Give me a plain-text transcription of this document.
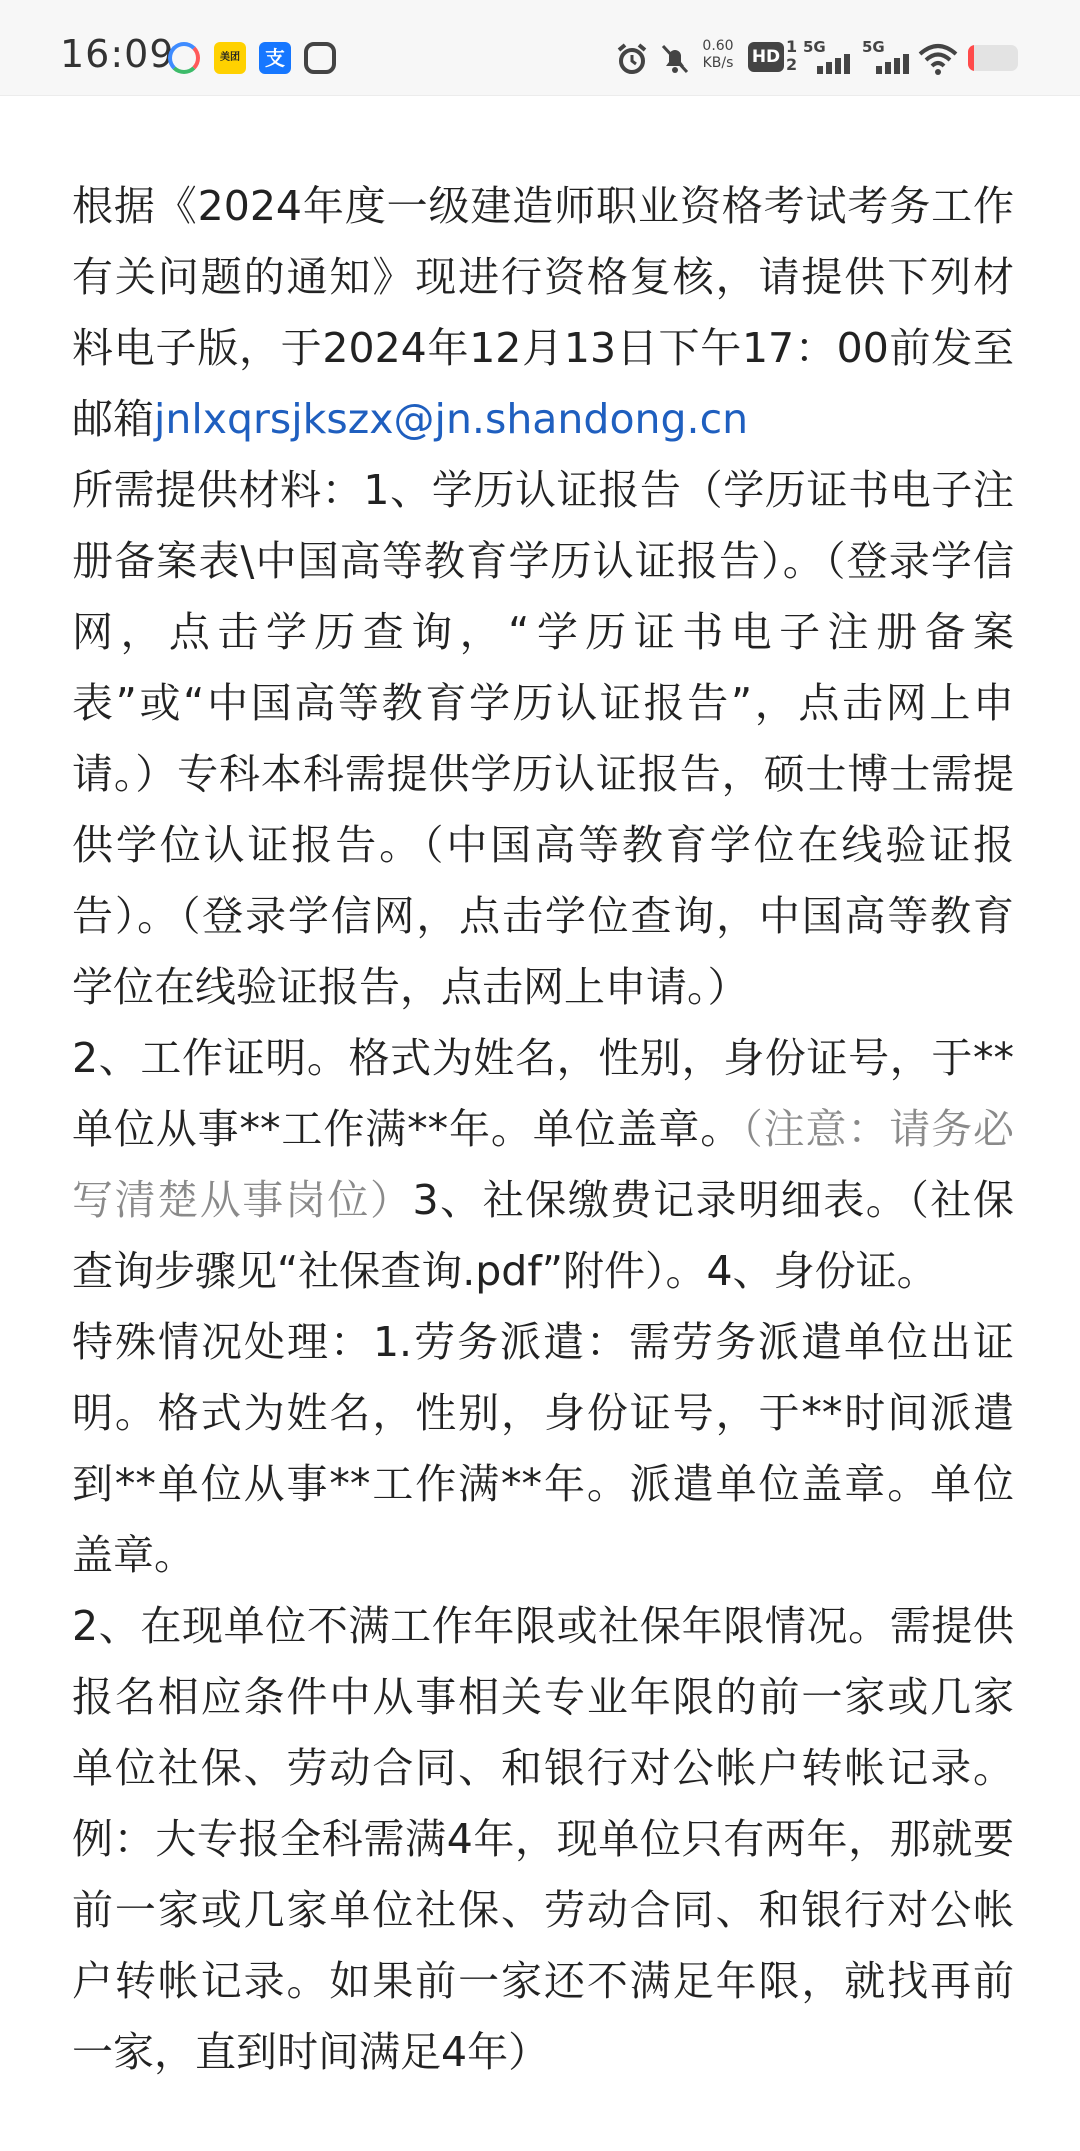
16:09	美团	支	0.60
KB/s HD
1 2
5G 5G

根据《2024年度一级建造师职业资格考试考务工作有关问题的通知》现进行资格复核，请提供下列材料电子版，于2024年12月13日下午17：00前发至邮箱jnlxqrsjkszx@jn.shandong.cn

所需提供材料：1、学历认证报告（学历证书电子注册备案表\中国高等教育学历认证报告）。（登录学信网，点击学历查询，“学历证书电子注册备案表”或“中国高等教育学历认证报告”，点击网上申请。）专科本科需提供学历认证报告，硕士博士需提供学位认证报告。（中国高等教育学位在线验证报告）。（登录学信网，点击学位查询，中国高等教育学位在线验证报告，点击网上申请。）

2、工作证明。格式为姓名，性别，身份证号，于**单位从事**工作满**年。单位盖章。（注意：请务必写清楚从事岗位）3、社保缴费记录明细表。（社保查询步骤见“社保查询.pdf”附件）。4、身份证。

特殊情况处理：1.劳务派遣：需劳务派遣单位出证明。格式为姓名，性别，身份证号，于**时间派遣到**单位从事**工作满**年。派遣单位盖章。单位盖章。

2、在现单位不满工作年限或社保年限情况。需提供报名相应条件中从事相关专业年限的前一家或几家单位社保、劳动合同、和银行对公帐户转帐记录。例：大专报全科需满4年，现单位只有两年，那就要前一家或几家单位社保、劳动合同、和银行对公帐户转帐记录。如果前一家还不满足年限，就找再前一家，直到时间满足4年）
